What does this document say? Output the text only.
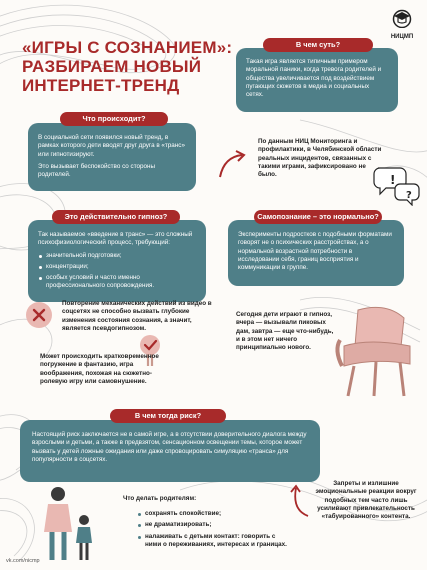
«ИГРЫ С СОЗНАНИЕМ»: РАЗБИРАЕМ НОВЫЙ ИНТЕРНЕТ-ТРЕНД
НИЦМП

Такая игра является типичным примером моральной паники, когда тревога родителей и общества увеличивается под воздействием пугающих сюжетов в медиа и социальных сетях.

В чем суть?

В социальной сети появился новый тренд, в рамках которого дети вводят друг друга в «транс» или гипнотизируют.

Это вызывает беспокойство со стороны родителей.

Что происходит?
По данным НИЦ Мониторинга и профилактики, в Челябинской области реальных инцидентов, связанных с такими играми, зафиксировано не было.	!
?

Так называемое «введение в транс» — это сложный психофизиологический процесс, требующий:

значительной подготовки;
концентрации;
особых условий и часто именно профессионального сопровождения.
Это действительно гипноз?

Эксперименты подростков с подобными форматами говорят не о психических расстройствах, а о нормальной возрастной потребности в исследовании себя, границ восприятия и коммуникации в группе.

Самопознание – это нормально?
Повторение механических действий из видео в соцсетях не способно вызвать глубокие изменения состояния сознания, а значит, является псевдогипнозом.
Может происходить кратковременное погружение в фантазию, игра воображения, похожая на сюжетно-ролевую игру или самовнушение.
Сегодня дети играют в гипноз, вчера — вызывали пиковых дам, завтра — еще что-нибудь, и в этом нет ничего принципиально нового.

Настоящий риск заключается не в самой игре, а в отсутствии доверительного диалога между взрослыми и детьми, а также в предвзятом, сенсационном освещении темы, которое может вызвать у детей ложные ожидания или даже спровоцировать симуляцию «транса» для популярности в соцсетях.

В чем тогда риск?
Что делать родителям:
сохранять спокойствие;
не драматизировать;
налаживать с детьми контакт: говорить с ними о переживаниях, интересах и границах.
Запреты и излишние эмоциональные реакции вокруг подобных тем часто лишь усиливают привлекательность «табуированного» контента.
vk.com/nicmp
